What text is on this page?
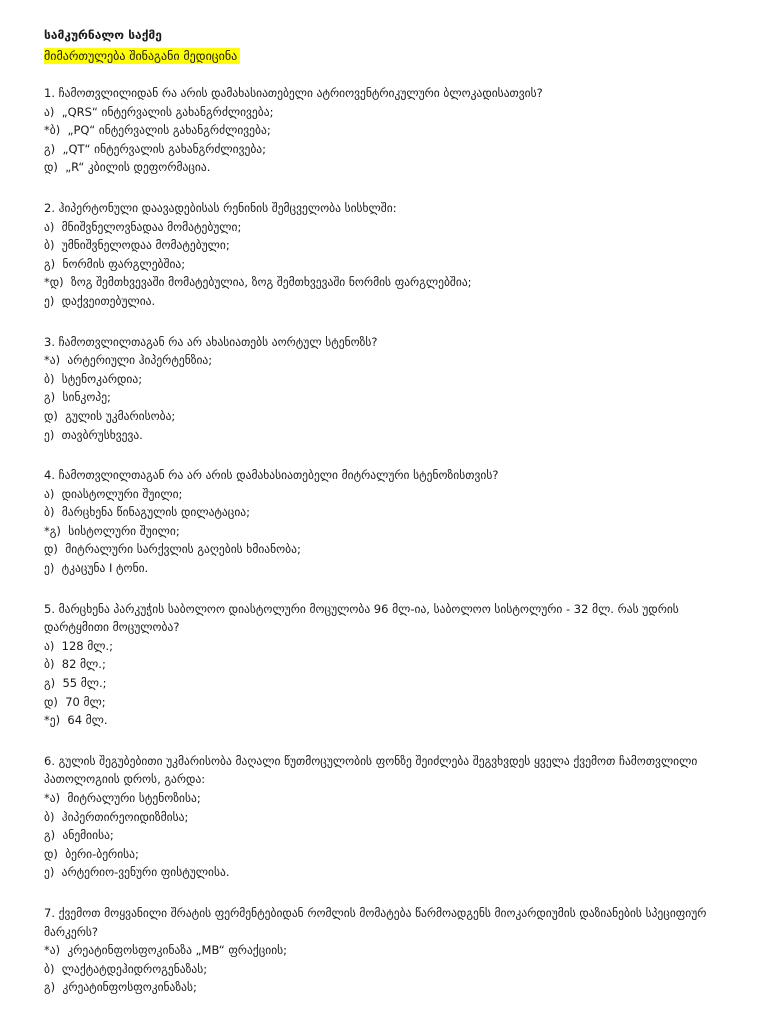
სამკურნალო საქმე
მიმართულება შინაგანი მედიცინა

1. ჩამოთვლილიდან რა არის დამახასიათებელი ატრიოვენტრიკულური ბლოკადისათვის?

ა)  „QRS“ ინტერვალის გახანგრძლივება;
*ბ)  „PQ“ ინტერვალის გახანგრძლივება;
გ)  „QT“ ინტერვალის გახანგრძლივება;
დ)  „R“ კბილის დეფორმაცია.

2. ჰიპერტონული დაავადებისას რენინის შემცველობა სისხლში:

ა)  მნიშვნელოვნადაა მომატებული;
ბ)  უმნიშვნელოდაა მომატებული;
გ)  ნორმის ფარგლებშია;
*დ)  ზოგ შემთხვევაში მომატებულია, ზოგ შემთხვევაში ნორმის ფარგლებშია;
ე)  დაქვეითებულია.

3. ჩამოთვლილთაგან რა არ ახასიათებს აორტულ სტენოზს?

*ა)  არტერიული ჰიპერტენზია;
ბ)  სტენოკარდია;
გ)  სინკოპე;
დ)  გულის უკმარისობა;
ე)  თავბრუსხვევა.

4. ჩამოთვლილთაგან რა არ არის დამახასიათებელი მიტრალური სტენოზისთვის?

ა)  დიასტოლური შუილი;
ბ)  მარცხენა წინაგულის დილატაცია;
*გ)  სისტოლური შუილი;
დ)  მიტრალური სარქვლის გაღების ხმიანობა;
ე)  ტკაცუნა I ტონი.

5. მარცხენა პარკუჭის საბოლოო დიასტოლური მოცულობა 96 მლ-ია, საბოლოო სისტოლური - 32 მლ. რას უდრის დარტყმითი მოცულობა?

ა)  128 მლ.;
ბ)  82 მლ.;
გ)  55 მლ.;
დ)  70 მლ;
*ე)  64 მლ.

6. გულის შეგუბებითი უკმარისობა მაღალი წუთმოცულობის ფონზე შეიძლება შეგვხვდეს ყველა ქვემოთ ჩამოთვლილი პათოლოგიის დროს, გარდა:

*ა)  მიტრალური სტენოზისა;
ბ)  ჰიპერთირეოიდიზმისა;
გ)  ანემიისა;
დ)  ბერი-ბერისა;
ე)  არტერიო-ვენური ფისტულისა.

7. ქვემოთ მოყვანილი შრატის ფერმენტებიდან რომლის მომატება წარმოადგენს მიოკარდიუმის დაზიანების სპეციფიურ მარკერს?

*ა)  კრეატინფოსფოკინაზა „MB“ ფრაქციის;
ბ)  ლაქტატდეჰიდროგენაზას;
გ)  კრეატინფოსფოკინაზას;
